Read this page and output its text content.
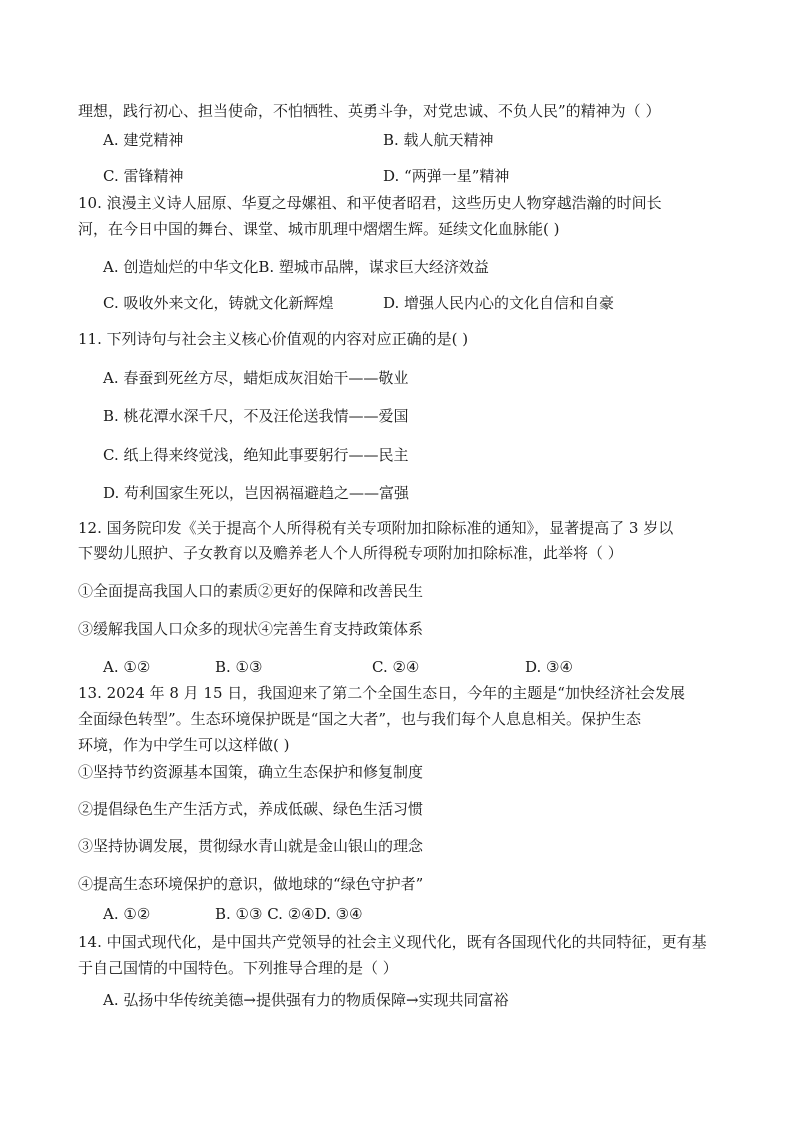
理想，践行初心、担当使命，不怕牺牲、英勇斗争，对党忠诚、不负人民”的精神为（ ）
A. 建党精神	B. 载人航天精神
C. 雷锋精神	D. “两弹一星”精神
10. 浪漫主义诗人屈原、华夏之母嫘祖、和平使者昭君，这些历史人物穿越浩瀚的时间长
河，在今日中国的舞台、课堂、城市肌理中熠熠生辉。延续文化血脉能( )
A. 创造灿烂的中华文化B. 塑城市品牌，谋求巨大经济效益
C. 吸收外来文化，铸就文化新辉煌	D. 增强人民内心的文化自信和自豪
11. 下列诗句与社会主义核心价值观的内容对应正确的是( )
A. 春蚕到死丝方尽，蜡炬成灰泪始干——敬业
B. 桃花潭水深千尺，不及汪伦送我情——爱国
C. 纸上得来终觉浅，绝知此事要躬行——民主
D. 苟利国家生死以，岂因祸福避趋之——富强
12. 国务院印发《关于提高个人所得税有关专项附加扣除标准的通知》，显著提高了 3 岁以
下婴幼儿照护、子女教育以及赡养老人个人所得税专项附加扣除标准，此举将（ ）
①全面提高我国人口的素质②更好的保障和改善民生
③缓解我国人口众多的现状④完善生育支持政策体系
A. ①②	B. ①③	C. ②④	D. ③④
13. 2024 年 8 月 15 日，我国迎来了第二个全国生态日，今年的主题是“加快经济社会发展
全面绿色转型”。生态环境保护既是“国之大者”，也与我们每个人息息相关。保护生态
环境，作为中学生可以这样做( )
①坚持节约资源基本国策，确立生态保护和修复制度
②提倡绿色生产生活方式，养成低碳、绿色生活习惯
③坚持协调发展，贯彻绿水青山就是金山银山的理念
④提高生态环境保护的意识，做地球的“绿色守护者”
A. ①②	B. ①③ C. ②④D. ③④
14. 中国式现代化，是中国共产党领导的社会主义现代化，既有各国现代化的共同特征，更有基
于自己国情的中国特色。下列推导合理的是（ ）
A. 弘扬中华传统美德→提供强有力的物质保障→实现共同富裕
